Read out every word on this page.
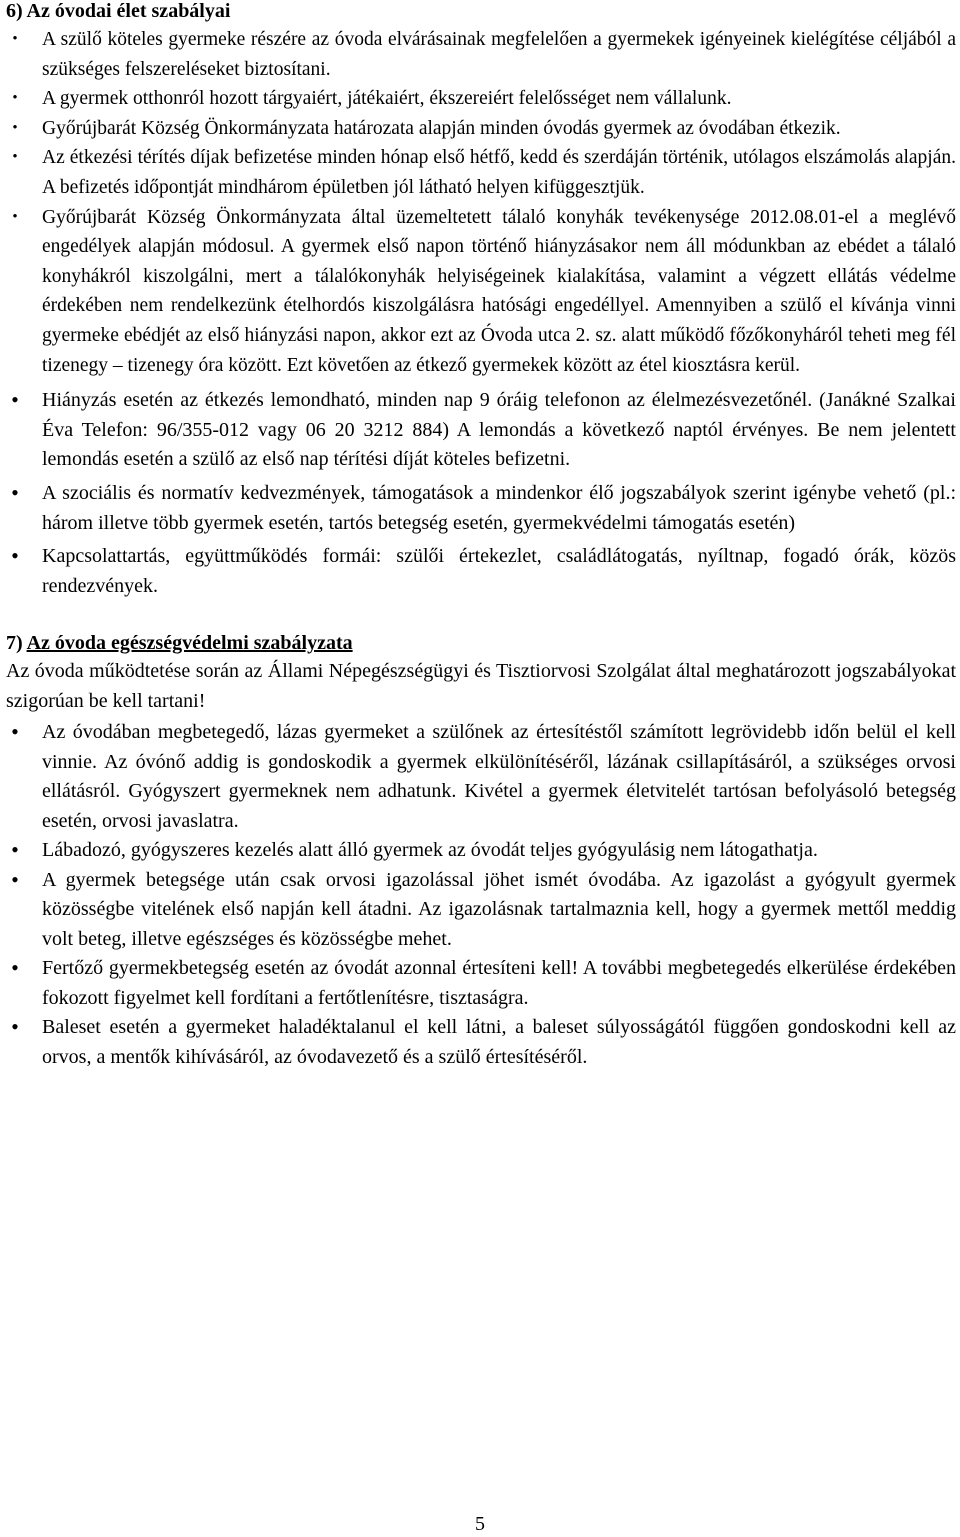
6) Az óvodai élet szabályai

• A szülő köteles gyermeke részére az óvoda elvárásainak megfelelően a gyermekek igényeinek kielégítése céljából a szükséges felszereléseket biztosítani.
• A gyermek otthonról hozott tárgyaiért, játékaiért, ékszereiért felelősséget nem vállalunk.
• Győrújbarát Község Önkormányzata határozata alapján minden óvodás gyermek az óvodában étkezik.
• Az étkezési térítés díjak befizetése minden hónap első hétfő, kedd és szerdáján történik, utólagos elszámolás alapján. A befizetés időpontját mindhárom épületben jól látható helyen kifüggesztjük.
• Győrújbarát Község Önkormányzata által üzemeltetett tálaló konyhák tevékenysége 2012.08.01-el a meglévő engedélyek alapján módosul. A gyermek első napon történő hiányzásakor nem áll módunkban az ebédet a tálaló konyhákról kiszolgálni, mert a tálalókonyhák helyiségeinek kialakítása, valamint a végzett ellátás védelme érdekében nem rendelkezünk ételhordós kiszolgálásra hatósági engedéllyel. Amennyiben a szülő el kívánja vinni gyermeke ebédjét az első hiányzási napon, akkor ezt az Óvoda utca 2. sz. alatt működő főzőkonyháról teheti meg fél tizenegy – tizenegy óra között. Ezt követően az étkező gyermekek között az étel kiosztásra kerül.
• Hiányzás esetén az étkezés lemondható, minden nap 9 óráig telefonon az élelmezésvezetőnél. (Janákné Szalkai Éva Telefon: 96/355-012 vagy 06 20 3212 884) A lemondás a következő naptól érvényes. Be nem jelentett lemondás esetén a szülő az első nap térítési díját köteles befizetni.
• A szociális és normatív kedvezmények, támogatások a mindenkor élő jogszabályok szerint igénybe vehető (pl.: három illetve több gyermek esetén, tartós betegség esetén, gyermekvédelmi támogatás esetén)
• Kapcsolattartás, együttműködés formái: szülői értekezlet, családlátogatás, nyíltnap, fogadó órák, közös rendezvények.

7) Az óvoda egészségvédelmi szabályzata

Az óvoda működtetése során az Állami Népegészségügyi és Tisztiorvosi Szolgálat által meghatározott jogszabályokat szigorúan be kell tartani!

• Az óvodában megbetegedő, lázas gyermeket a szülőnek az értesítéstől számított legrövidebb időn belül el kell vinnie. Az óvónő addig is gondoskodik a gyermek elkülönítéséről, lázának csillapításáról, a szükséges orvosi ellátásról. Gyógyszert gyermeknek nem adhatunk. Kivétel a gyermek életvitelét tartósan befolyásoló betegség esetén, orvosi javaslatra.
• Lábadozó, gyógyszeres kezelés alatt álló gyermek az óvodát teljes gyógyulásig nem látogathatja.
• A gyermek betegsége után csak orvosi igazolással jöhet ismét óvodába. Az igazolást a gyógyult gyermek közösségbe vitelének első napján kell átadni. Az igazolásnak tartalmaznia kell, hogy a gyermek mettől meddig volt beteg, illetve egészséges és közösségbe mehet.
• Fertőző gyermekbetegség esetén az óvodát azonnal értesíteni kell! A további megbetegedés elkerülése érdekében fokozott figyelmet kell fordítani a fertőtlenítésre, tisztaságra.
• Baleset esetén a gyermeket haladéktalanul el kell látni, a baleset súlyosságától függően gondoskodni kell az orvos, a mentők kihívásáról, az óvodavezető és a szülő értesítéséről.
5
